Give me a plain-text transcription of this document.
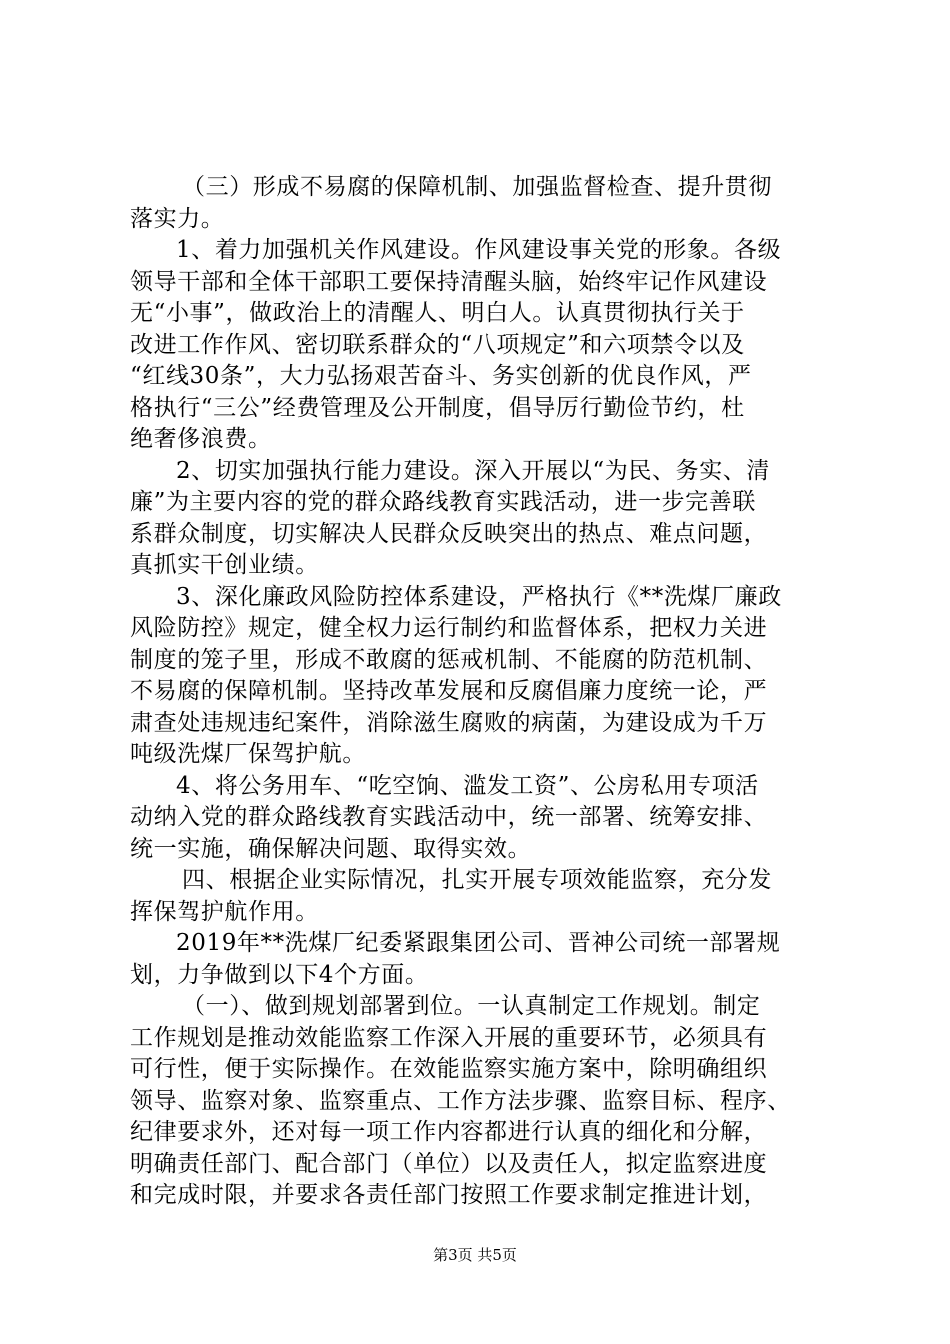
（三）形成不易腐的保障机制、加强监督检查、提升贯彻
落实力。
1、着力加强机关作风建设。作风建设事关党的形象。各级
领导干部和全体干部职工要保持清醒头脑，始终牢记作风建设
无“小事”，做政治上的清醒人、明白人。认真贯彻执行关于
改进工作作风、密切联系群众的“八项规定”和六项禁令以及
“红线30条”，大力弘扬艰苦奋斗、务实创新的优良作风，严
格执行“三公”经费管理及公开制度，倡导厉行勤俭节约，杜
绝奢侈浪费。
2、切实加强执行能力建设。深入开展以“为民、务实、清
廉”为主要内容的党的群众路线教育实践活动，进一步完善联
系群众制度，切实解决人民群众反映突出的热点、难点问题，
真抓实干创业绩。
3、深化廉政风险防控体系建设，严格执行《**洗煤厂廉政
风险防控》规定，健全权力运行制约和监督体系，把权力关进
制度的笼子里，形成不敢腐的惩戒机制、不能腐的防范机制、
不易腐的保障机制。坚持改革发展和反腐倡廉力度统一论，严
肃查处违规违纪案件，消除滋生腐败的病菌，为建设成为千万
吨级洗煤厂保驾护航。
4、将公务用车、“吃空饷、滥发工资”、公房私用专项活
动纳入党的群众路线教育实践活动中，统一部署、统筹安排、
统一实施，确保解决问题、取得实效。
四、根据企业实际情况，扎实开展专项效能监察，充分发
挥保驾护航作用。
2019年**洗煤厂纪委紧跟集团公司、晋神公司统一部署规
划，力争做到以下4个方面。
（一）、做到规划部署到位。一认真制定工作规划。制定
工作规划是推动效能监察工作深入开展的重要环节，必须具有
可行性，便于实际操作。在效能监察实施方案中，除明确组织
领导、监察对象、监察重点、工作方法步骤、监察目标、程序、
纪律要求外，还对每一项工作内容都进行认真的细化和分解，
明确责任部门、配合部门（单位）以及责任人，拟定监察进度
和完成时限，并要求各责任部门按照工作要求制定推进计划，
第3页 共5页
